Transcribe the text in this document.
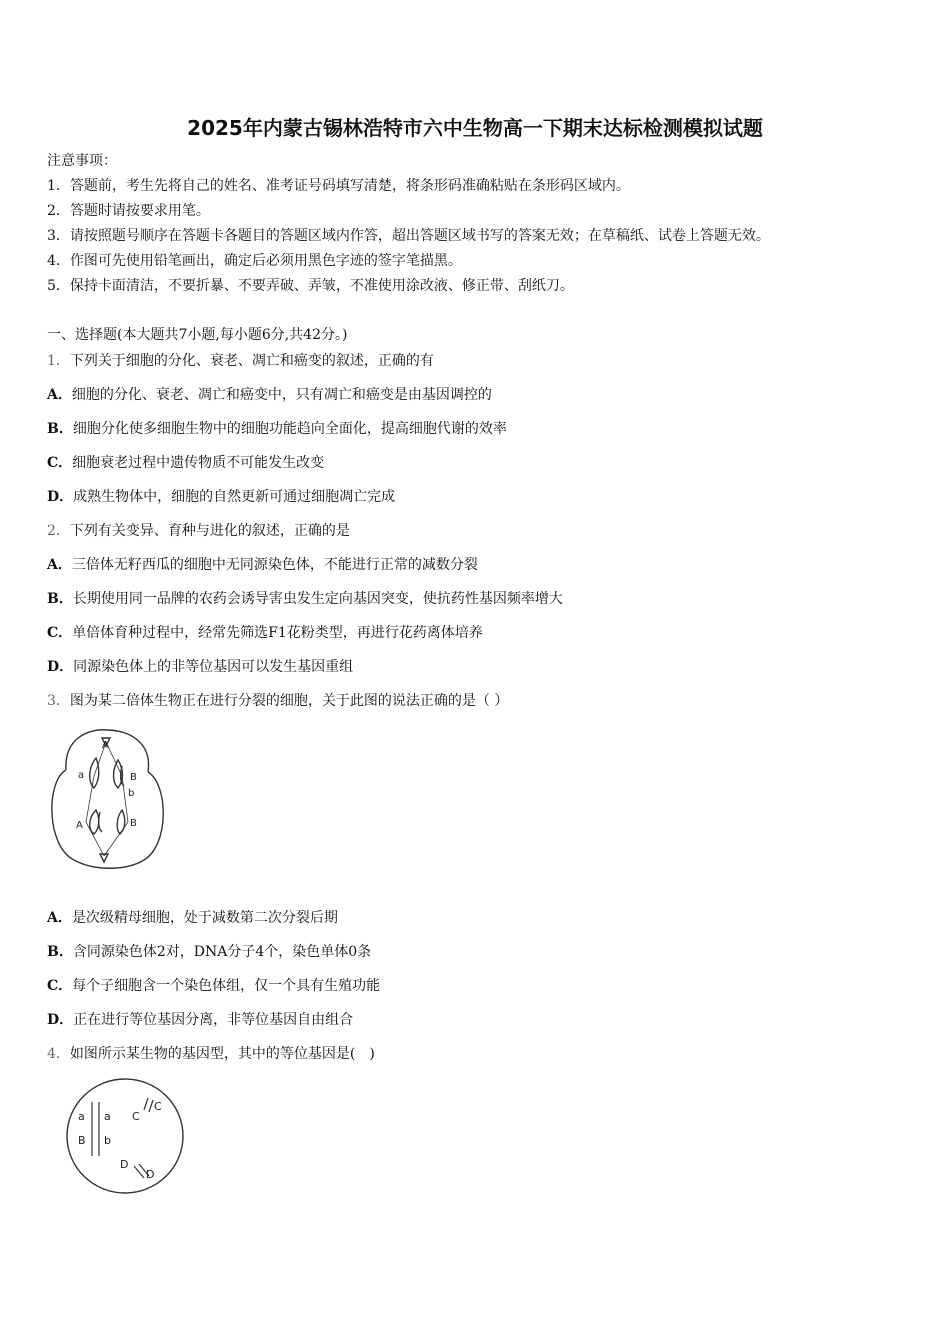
2025年内蒙古锡林浩特市六中生物高一下期末达标检测模拟试题
注意事项：
1．答题前，考生先将自己的姓名、准考证号码填写清楚，将条形码准确粘贴在条形码区域内。
2．答题时请按要求用笔。
3．请按照题号顺序在答题卡各题目的答题区域内作答，超出答题区域书写的答案无效；在草稿纸、试卷上答题无效。
4．作图可先使用铅笔画出，确定后必须用黑色字迹的签字笔描黑。
5．保持卡面清洁，不要折暴、不要弄破、弄皱，不准使用涂改液、修正带、刮纸刀。
一、选择题(本大题共7小题,每小题6分,共42分。)
1．下列关于细胞的分化、衰老、凋亡和癌变的叙述，正确的有
A．细胞的分化、衰老、凋亡和癌变中，只有凋亡和癌变是由基因调控的
B．细胞分化使多细胞生物中的细胞功能趋向全面化，提高细胞代谢的效率
C．细胞衰老过程中遗传物质不可能发生改变
D．成熟生物体中，细胞的自然更新可通过细胞凋亡完成
2．下列有关变异、育种与进化的叙述，正确的是
A．三倍体无籽西瓜的细胞中无同源染色体，不能进行正常的减数分裂
B．长期使用同一品牌的农药会诱导害虫发生定向基因突变，使抗药性基因频率增大
C．单倍体育种过程中，经常先筛选F1花粉类型，再进行花药离体培养
D．同源染色体上的非等位基因可以发生基因重组
3．图为某二倍体生物正在进行分裂的细胞，关于此图的说法正确的是（ ）
A
a	B
A	B
b
A．是次级精母细胞，处于减数第二次分裂后期
B．含同源染色体2对，DNA分子4个，染色单体0条
C．每个子细胞含一个染色体组，仅一个具有生殖功能
D．正在进行等位基因分离，非等位基因自由组合
4．如图所示某生物的基因型，其中的等位基因是(　)
a a
B b
C
C
D
D
